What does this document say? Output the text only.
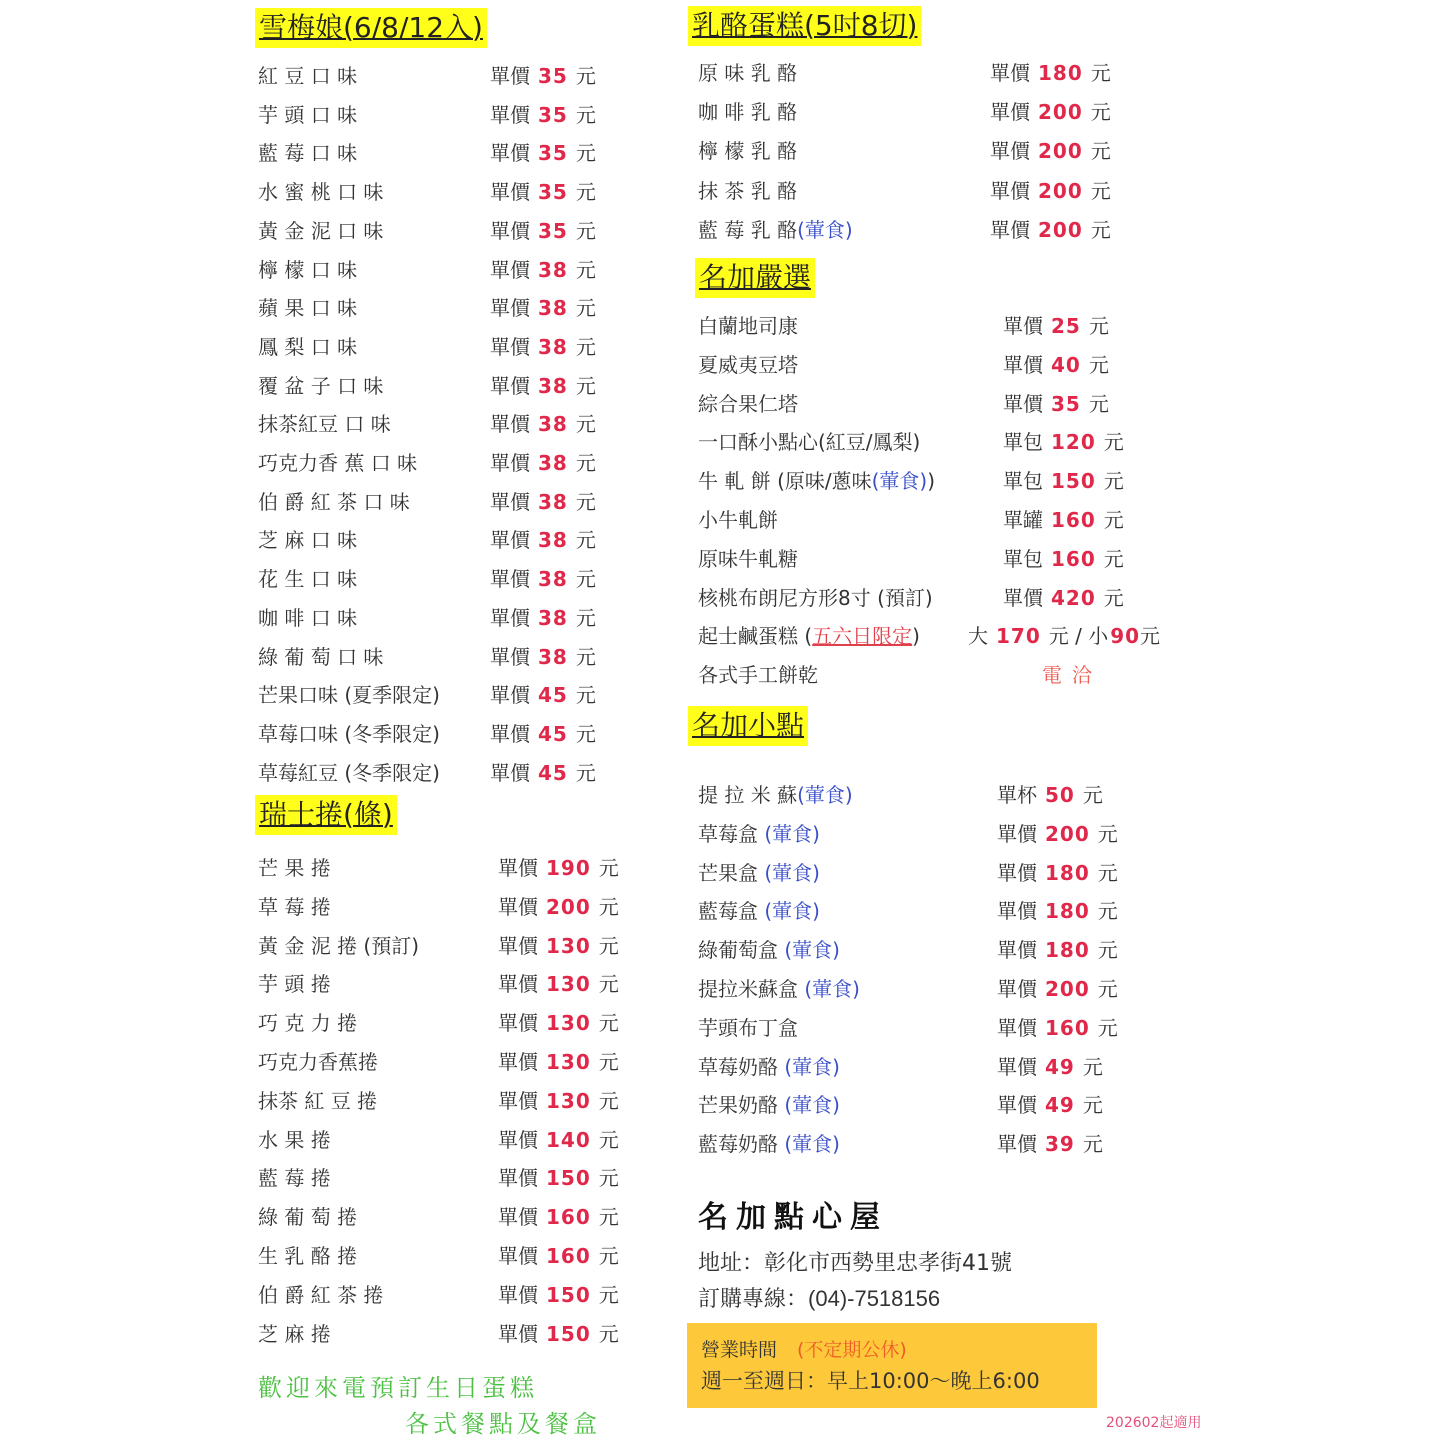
雪梅娘(6/8/12入)
紅 豆 口 味	單價 35 元
芋 頭 口 味	單價 35 元
藍 莓 口 味	單價 35 元
水 蜜 桃 口 味	單價 35 元
黃 金 泥 口 味	單價 35 元
檸 檬 口 味	單價 38 元
蘋 果 口 味	單價 38 元
鳳 梨 口 味	單價 38 元
覆 盆 子 口 味	單價 38 元
抹茶紅豆 口 味	單價 38 元
巧克力香 蕉 口 味	單價 38 元
伯 爵 紅 茶 口 味	單價 38 元
芝 麻 口 味	單價 38 元
花 生 口 味	單價 38 元
咖 啡 口 味	單價 38 元
綠 葡 萄 口 味	單價 38 元
芒果口味 (夏季限定)	單價 45 元
草莓口味 (冬季限定)	單價 45 元
草莓紅豆 (冬季限定)	單價 45 元
瑞士捲(條)
芒 果 捲	單價 190 元
草 莓 捲	單價 200 元
黃 金 泥 捲 (預訂)	單價 130 元
芋 頭 捲	單價 130 元
巧 克 力 捲	單價 130 元
巧克力香蕉捲	單價 130 元
抹茶 紅 豆 捲	單價 130 元
水 果 捲	單價 140 元
藍 莓 捲	單價 150 元
綠 葡 萄 捲	單價 160 元
生 乳 酪 捲	單價 160 元
伯 爵 紅 茶 捲	單價 150 元
芝 麻 捲	單價 150 元
乳酪蛋糕(5吋8切)
原 味 乳 酪	單價 180 元
咖 啡 乳 酪	單價 200 元
檸 檬 乳 酪	單價 200 元
抹 茶 乳 酪	單價 200 元
藍 莓 乳 酪(葷食)	單價 200 元
名加嚴選
白蘭地司康	單價 25 元
夏威夷豆塔	單價 40 元
綜合果仁塔	單價 35 元
一口酥小點心(紅豆/鳳梨)	單包 120 元
牛 軋 餅 (原味/蔥味(葷食))	單包 150 元
小牛軋餅	單罐 160 元
原味牛軋糖	單包 160 元
核桃布朗尼方形8寸 (預訂)	單價 420 元
起士鹹蛋糕 (五六日限定) 大 170 元 / 小 90元
各式手工餅乾	電洽
名加小點
提 拉 米 蘇(葷食)	單杯 50 元
草莓盒 (葷食)	單價 200 元
芒果盒 (葷食)	單價 180 元
藍莓盒 (葷食)	單價 180 元
綠葡萄盒 (葷食)	單價 180 元
提拉米蘇盒 (葷食)	單價 200 元
芋頭布丁盒	單價 160 元
草莓奶酪 (葷食)	單價 49 元
芒果奶酪 (葷食)	單價 49 元
藍莓奶酪 (葷食)	單價 39 元
歡迎來電預訂生日蛋糕
各式餐點及餐盒
名加點心屋
地址：彰化市西勢里忠孝街41號
訂購專線：(04)-7518156
營業時間 (不定期公休)
週一至週日：早上10:00～晚上6:00
202602起適用
